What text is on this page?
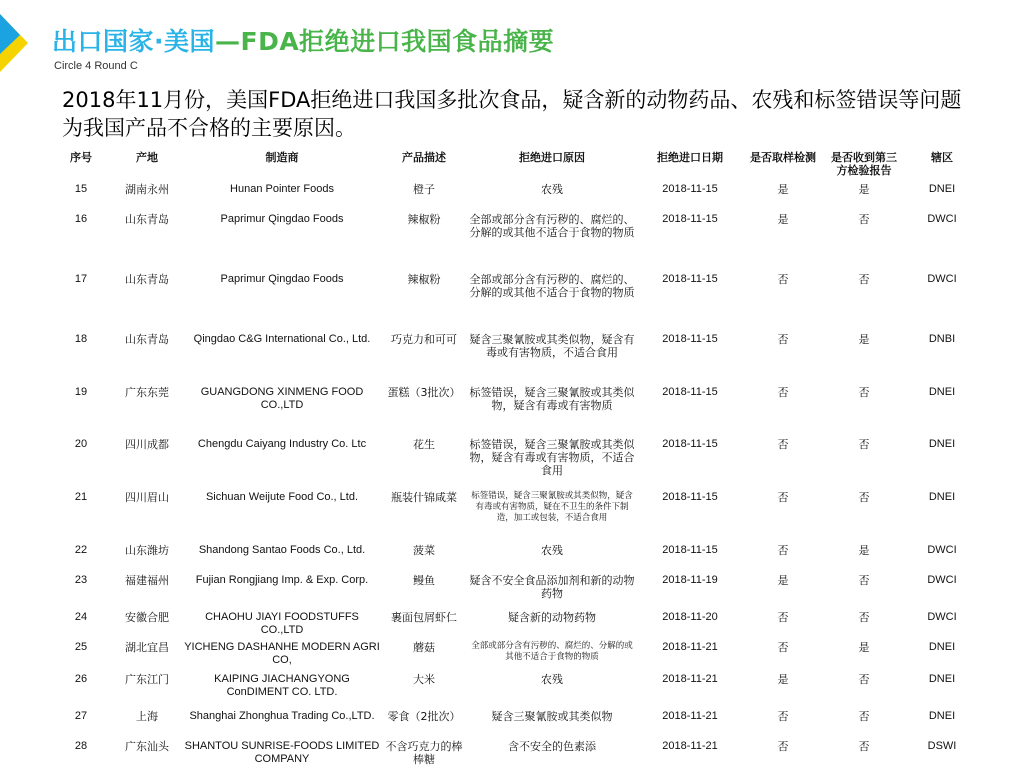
出口国家·美国—FDA拒绝进口我国食品摘要
Circle 4 Round C
2018年11月份，美国FDA拒绝进口我国多批次食品，疑含新的动物药品、农残和标签错误等问题为我国产品不合格的主要原因。
序号	产地	制造商	产品描述	拒绝进口原因	拒绝进口日期	是否取样检测	是否收到第三方检验报告	辖区
15	湖南永州	Hunan Pointer Foods	橙子	农残	2018-11-15	是	是	DNEI
16	山东青岛	Paprimur Qingdao Foods	辣椒粉	全部或部分含有污秽的、腐烂的、分解的或其他不适合于食物的物质	2018-11-15	是	否	DWCI
17	山东青岛	Paprimur Qingdao Foods	辣椒粉	全部或部分含有污秽的、腐烂的、分解的或其他不适合于食物的物质	2018-11-15	否	否	DWCI
18	山东青岛	Qingdao C&G International Co., Ltd.	巧克力和可可	疑含三聚氰胺或其类似物，疑含有毒或有害物质，不适合食用	2018-11-15	否	是	DNBI
19	广东东莞	GUANGDONG XINMENG FOOD CO.,LTD	蛋糕（3批次）	标签错误，疑含三聚氰胺或其类似物，疑含有毒或有害物质	2018-11-15	否	否	DNEI
20	四川成都	Chengdu Caiyang Industry Co. Ltc	花生	标签错误，疑含三聚氰胺或其类似物，疑含有毒或有害物质，不适合食用	2018-11-15	否	否	DNEI
21	四川眉山	Sichuan Weijute Food Co., Ltd.	瓶装什锦咸菜	标签错误，疑含三聚氰胺或其类似物，疑含有毒或有害物质，疑在不卫生的条件下制造，加工或包装，不适合食用	2018-11-15	否	否	DNEI
22	山东潍坊	Shandong Santao Foods Co., Ltd.	菠菜	农残	2018-11-15	否	是	DWCI
23	福建福州	Fujian Rongjiang Imp. & Exp. Corp.	鳗鱼	疑含不安全食品添加剂和新的动物药物	2018-11-19	是	否	DWCI
24	安徽合肥	CHAOHU JIAYI FOODSTUFFS CO.,LTD	裹面包屑虾仁	疑含新的动物药物	2018-11-20	否	否	DWCI
25	湖北宜昌	YICHENG DASHANHE MODERN AGRI CO,	蘑菇	全部或部分含有污秽的、腐烂的、分解的或其他不适合于食物的物质	2018-11-21	否	是	DNEI
26	广东江门	KAIPING JIACHANGYONG ConDIMENT CO. LTD.	大米	农残	2018-11-21	是	否	DNEI
27	上海	Shanghai Zhonghua Trading Co.,LTD.	零食（2批次）	疑含三聚氰胺或其类似物	2018-11-21	否	否	DNEI
28	广东汕头	SHANTOU SUNRISE-FOODS LIMITED COMPANY	不含巧克力的棒棒糖	含不安全的色素添	2018-11-21	否	否	DSWI
